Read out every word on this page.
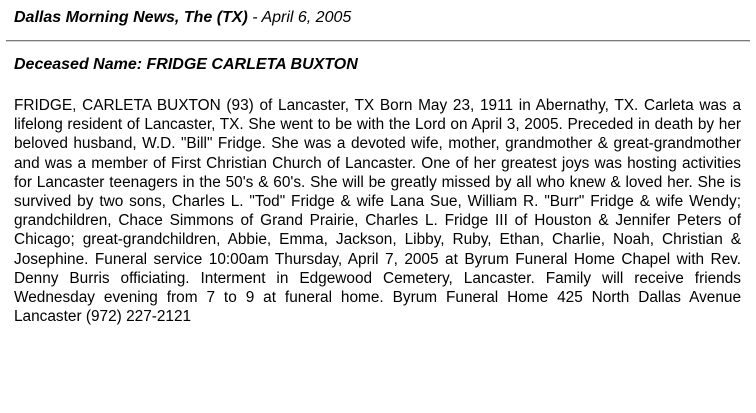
Dallas Morning News, The (TX) - April 6, 2005
Deceased Name: FRIDGE CARLETA BUXTON

FRIDGE, CARLETA BUXTON (93) of Lancaster, TX Born May 23, 1911 in Abernathy, TX. Carleta was a lifelong resident of Lancaster, TX. She went to be with the Lord on April 3, 2005. Preceded in death by her beloved husband, W.D. "Bill" Fridge. She was a devoted wife, mother, grandmother & great-grandmother and was a member of First Christian Church of Lancaster. One of her greatest joys was hosting activities for Lancaster teenagers in the 50's & 60's. She will be greatly missed by all who knew & loved her. She is survived by two sons, Charles L. "Tod" Fridge & wife Lana Sue, William R. "Burr" Fridge & wife Wendy; grandchildren, Chace Simmons of Grand Prairie, Charles L. Fridge III of Houston & Jennifer Peters of Chicago; great-grandchildren, Abbie, Emma, Jackson, Libby, Ruby, Ethan, Charlie, Noah, Christian & Josephine. Funeral service 10:00am Thursday, April 7, 2005 at Byrum Funeral Home Chapel with Rev. Denny Burris officiating. Interment in Edgewood Cemetery, Lancaster. Family will receive friends Wednesday evening from 7 to 9 at funeral home. Byrum Funeral Home 425 North Dallas Avenue Lancaster (972) 227-2121
